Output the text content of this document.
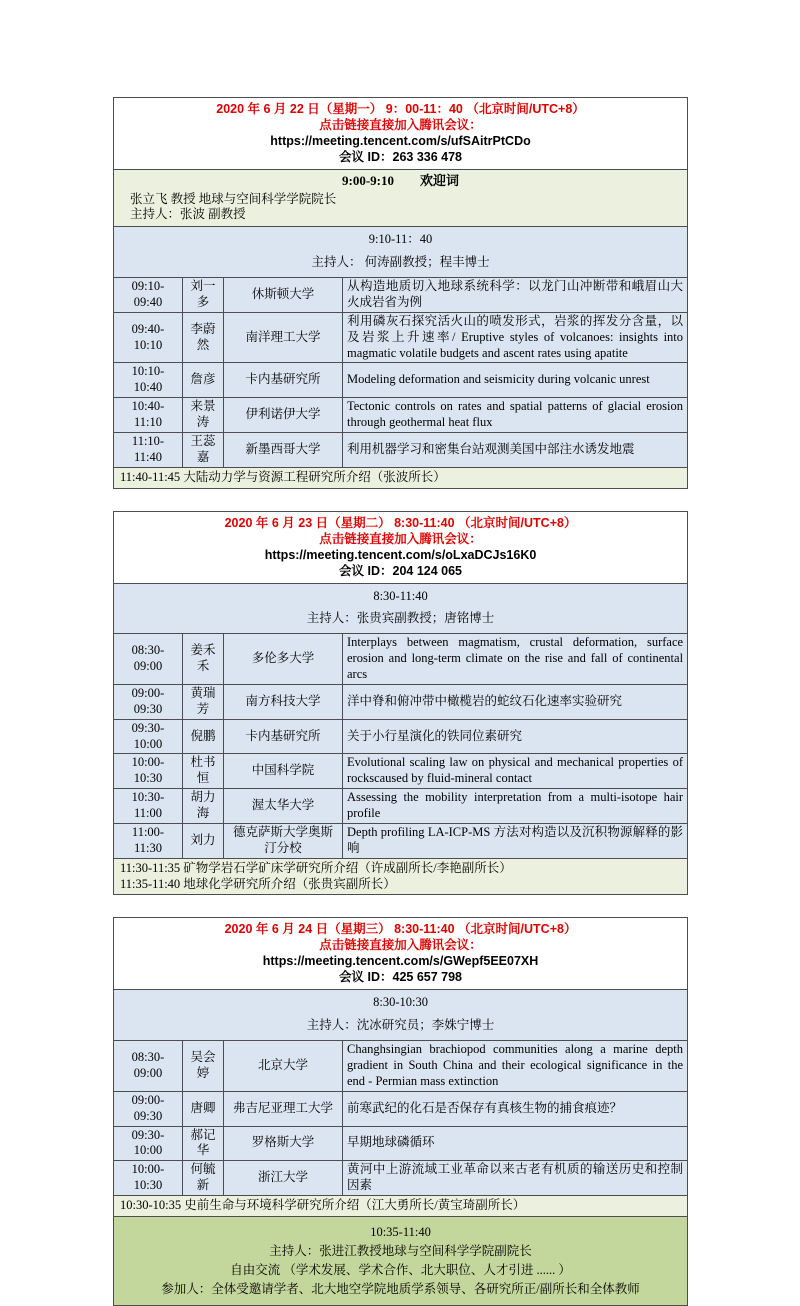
2020 年 6 月 22 日（星期一） 9：00-11：40 （北京时间/UTC+8）
点击链接直接加入腾讯会议：
https://meeting.tencent.com/s/ufSAitrPtCDo
会议 ID：263 336 478			

9:00-9:10 欢迎词
张立飞 教授 地球与空间科学学院院长
主持人：张波 副教授			

9:10-11：40
主持人： 何涛副教授；程丰博士			

09:10-09:40	刘一多	休斯顿大学	从构造地质切入地球系统科学：以龙门山冲断带和峨眉山大火成岩省为例
09:40-10:10	李蔚然	南洋理工大学	利用磷灰石探究活火山的喷发形式，岩浆的挥发分含量，以及岩浆上升速率/ Eruptive styles of volcanoes: insights into magmatic volatile budgets and ascent rates using apatite
10:10-10:40	詹彦	卡内基研究所	Modeling deformation and seismicity during volcanic unrest
10:40-11:10	来景涛	伊利诺伊大学	Tectonic controls on rates and spatial patterns of glacial erosion through geothermal heat flux
11:10-11:40	王蕊嘉	新墨西哥大学	利用机器学习和密集台站观测美国中部注水诱发地震
11:40-11:45 大陆动力学与资源工程研究所介绍（张波所长）			
2020 年 6 月 23 日（星期二） 8:30-11:40 （北京时间/UTC+8）
点击链接直接加入腾讯会议：
https://meeting.tencent.com/s/oLxaDCJs16K0
会议 ID：204 124 065			

8:30-11:40
主持人：张贵宾副教授；唐铭博士			

08:30-09:00	姜禾禾	多伦多大学	Interplays between magmatism, crustal deformation, surface erosion and long-term climate on the rise and fall of continental arcs
09:00-09:30	黄瑞芳	南方科技大学	洋中脊和俯冲带中橄榄岩的蛇纹石化速率实验研究
09:30-10:00	倪鹏	卡内基研究所	关于小行星演化的铁同位素研究
10:00-10:30	杜书恒	中国科学院	Evolutional scaling law on physical and mechanical properties of rockscaused by fluid-mineral contact
10:30-11:00	胡力海	渥太华大学	Assessing the mobility interpretation from a multi-isotope hair profile
11:00-11:30	刘力	德克萨斯大学奥斯汀分校	Depth profiling LA-ICP-MS 方法对构造以及沉积物源解释的影响

11:30-11:35 矿物学岩石学矿床学研究所介绍（许成副所长/李艳副所长）
11:35-11:40 地球化学研究所介绍（张贵宾副所长）			
2020 年 6 月 24 日（星期三） 8:30-11:40 （北京时间/UTC+8）
点击链接直接加入腾讯会议：
https://meeting.tencent.com/s/GWepf5EE07XH
会议 ID：425 657 798			

8:30-10:30
主持人：沈冰研究员；李姝宁博士			

08:30-09:00	吴会婷	北京大学	Changhsingian brachiopod communities along a marine depth gradient in South China and their ecological significance in the end - Permian mass extinction
09:00-09:30	唐卿	弗吉尼亚理工大学	前寒武纪的化石是否保存有真核生物的捕食痕迹？
09:30-10:00	郝记华	罗格斯大学	早期地球磷循环
10:00-10:30	何毓新	浙江大学	黄河中上游流域工业革命以来古老有机质的输送历史和控制因素
10:30-10:35 史前生命与环境科学研究所介绍（江大勇所长/黄宝琦副所长）			

10:35-11:40
主持人：张进江教授地球与空间科学学院副院长
自由交流 （学术发展、学术合作、北大职位、人才引进 ...... ）
参加人：全体受邀请学者、北大地空学院地质学系领导、各研究所正/副所长和全体教师			
